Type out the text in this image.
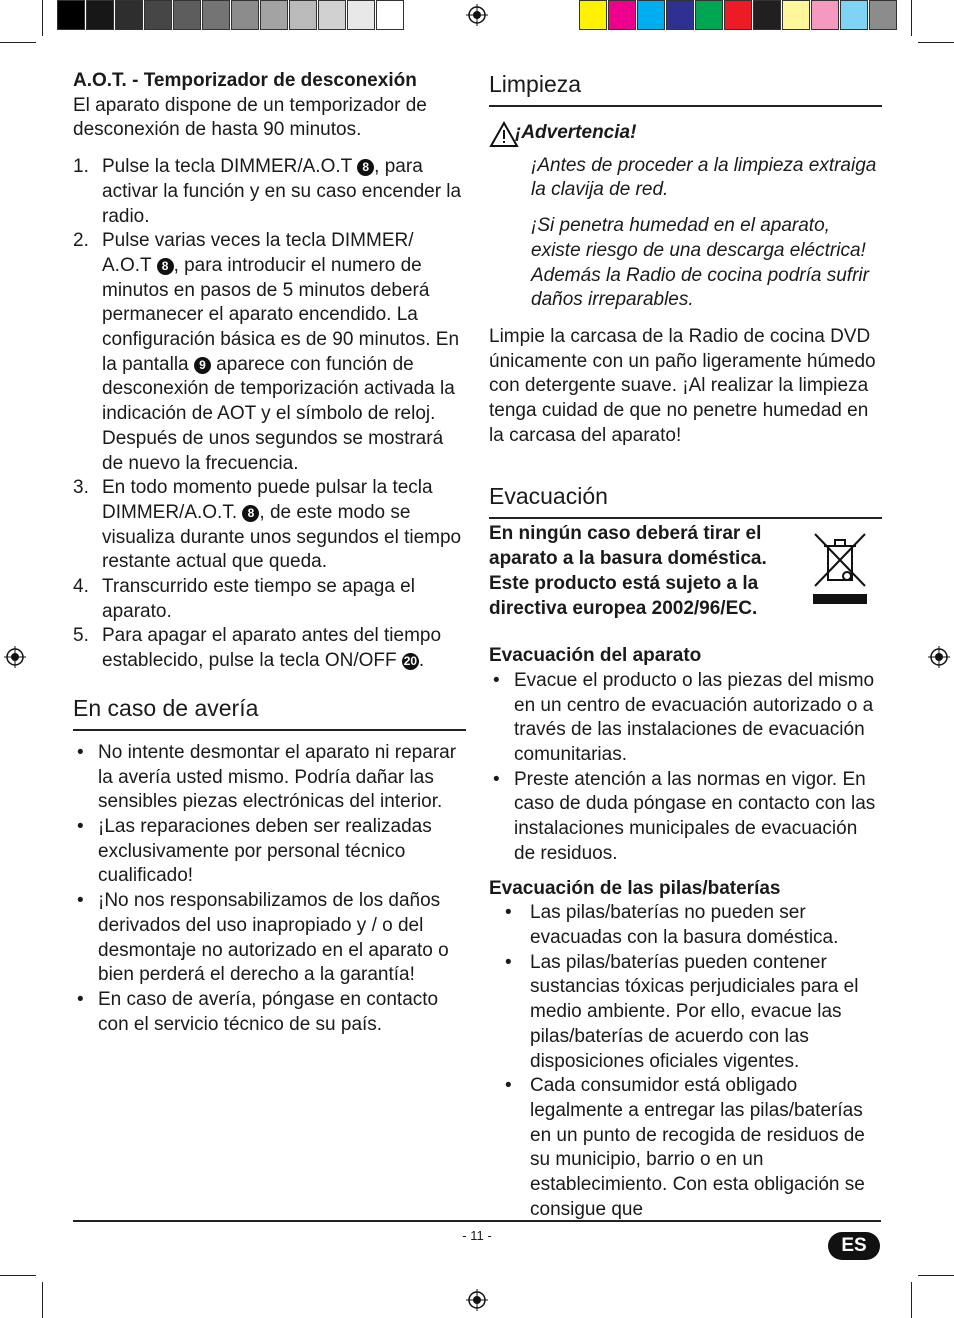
A.O.T. - Temporizador de desconexión

El aparato dispone de un temporizador de desconexión de hasta 90 minutos.

1. Pulse la tecla DIMMER/A.O.T 8 , para activar la función y en su caso encender la radio.
2. Pulse varias veces la tecla DIMMER/ A.O.T 8 , para introducir el numero de minutos en pasos de 5 minutos deberá permanecer el aparato encendido. La configuración básica es de 90 minutos. En la pantalla 9 aparece con función de desconexión de temporización activada la indicación de AOT y el símbolo de reloj. Después de unos segundos se mostrará de nuevo la frecuencia.
3. En todo momento puede pulsar la tecla DIMMER/A.O.T. 8 , de este modo se visualiza durante unos segundos el tiempo restante actual que queda.
4. Transcurrido este tiempo se apaga el aparato.
5. Para apagar el aparato antes del tiempo establecido, pulse la tecla ON/OFF 20.
En caso de avería
• No intente desmontar el aparato ni reparar la avería usted mismo. Podría dañar las sensibles piezas electrónicas del interior.
• ¡Las reparaciones deben ser realizadas exclusivamente por personal técnico cualificado!
• ¡No nos responsabilizamos de los daños derivados del uso inapropiado y / o del desmontaje no autorizado en el aparato o bien perderá el derecho a la garantía!
• En caso de avería, póngase en contacto con el servicio técnico de su país.
Limpieza
¡Advertencia!

¡Antes de proceder a la limpieza extraiga la clavija de red.

¡Si penetra humedad en el aparato, existe riesgo de una descarga eléctrica! Además la Radio de cocina podría sufrir daños irreparables.

Limpie la carcasa de la Radio de cocina DVD únicamente con un paño ligeramente húmedo con detergente suave. ¡Al realizar la limpieza tenga cuidad de que no penetre humedad en la carcasa del aparato!

Evacuación
En ningún caso deberá tirar el aparato a la basura doméstica. Este producto está sujeto a la directiva europea 2002/96/EC.
Evacuación del aparato
• Evacue el producto o las piezas del mismo en un centro de evacuación autorizado o a través de las instalaciones de evacuación comunitarias.
• Preste atención a las normas en vigor. En caso de duda póngase en contacto con las instalaciones municipales de evacuación de residuos.
Evacuación de las pilas/baterías
• Las pilas/baterías no pueden ser evacuadas con la basura doméstica.
• Las pilas/baterías pueden contener sustancias tóxicas perjudiciales para el medio ambiente. Por ello, evacue las pilas/baterías de acuerdo con las disposiciones oficiales vigentes.
• Cada consumidor está obligado legalmente a entregar las pilas/baterías en un punto de recogida de residuos de su municipio, barrio o en un establecimiento. Con esta obligación se consigue que
- 11 -	ES
